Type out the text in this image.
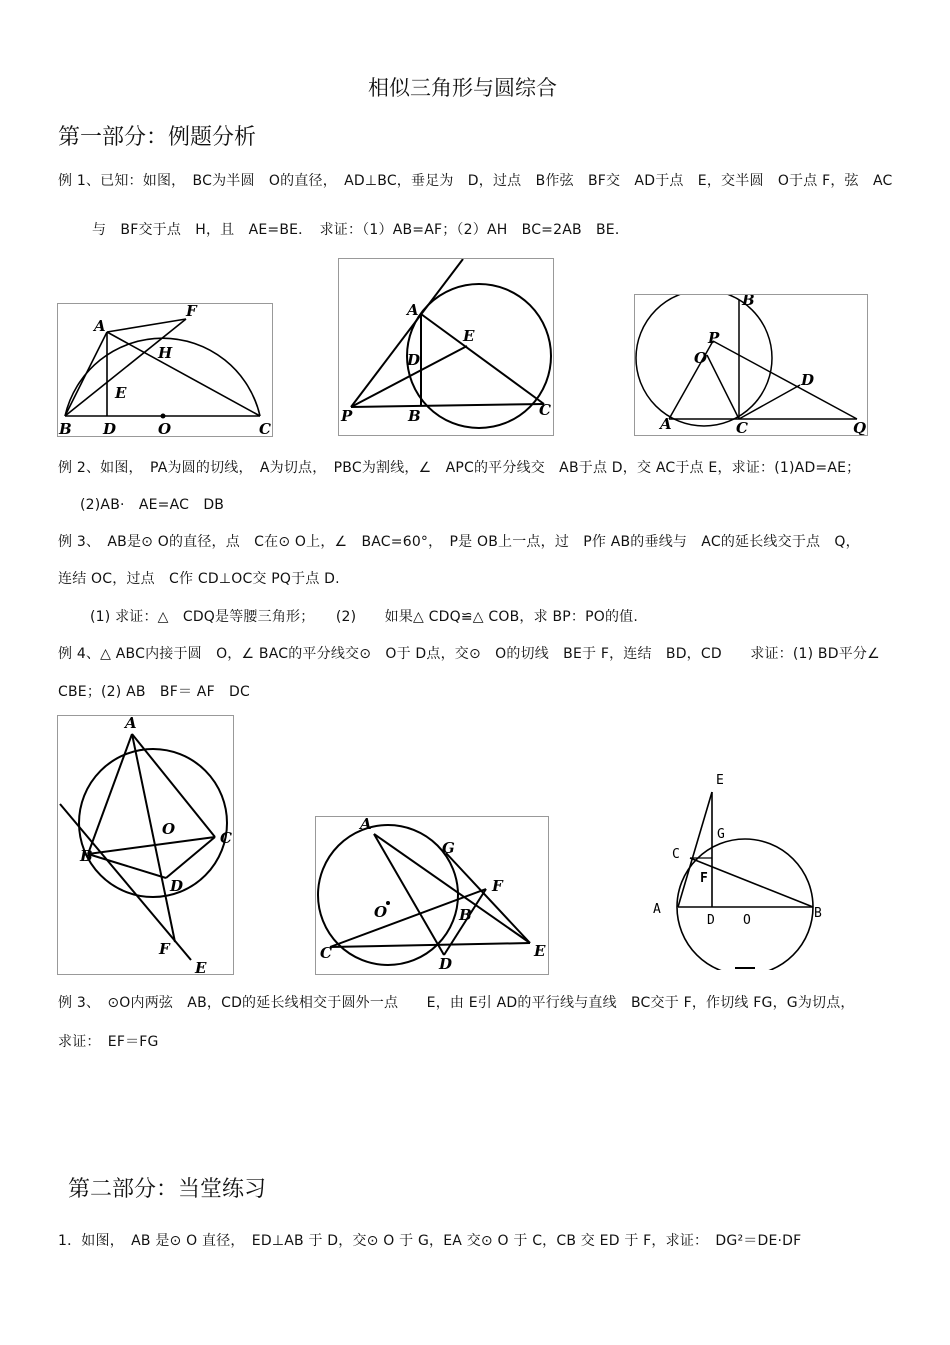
相似三角形与圆综合
第一部分：例题分析
例 1、已知：如图，　BC为半圆　O的直径，　AD⊥BC，垂足为　D，过点　B作弦　BF交　AD于点　E，交半圆　O于点 F，弦　AC
与　BF交于点　H，且　AE=BE．　求证：（1）AB=AF；（2）AH　BC=2AB　BE．
A
F
H
E
B D	O	C
A
E
D
P	B	C
B
P
O
D
A	C	Q
例 2、如图，　PA为圆的切线，　A为切点，　PBC为割线，∠　APC的平分线交　AB于点 D，交 AC于点 E，求证：(1)AD=AE；
(2)AB·　AE=AC　DB
例 3、　AB是⊙ O的直径，点　C在⊙ O上，∠　BAC=60°，　P是 OB上一点，过　P作 AB的垂线与　AC的延长线交于点　Q，
连结 OC，过点　C作 CD⊥OC交 PQ于点 D.
(1) 求证：△　CDQ是等腰三角形；　　(2)　　如果△ CDQ≌△ COB，求 BP：PO的值.
例 4、△ ABC内接于圆　O，∠ BAC的平分线交⊙　O于 D点，交⊙　O的切线　BE于 F，连结　BD，CD　　求证：(1) BD平分∠
CBE；(2) AB　BF＝ AF　DC
A
O
B
C
D
F
E
A
G
F
O	B
C
D
E
E
G
C
F
A
D O	B
例 3、　⊙O内两弦　AB，CD的延长线相交于圆外一点　　E，由 E引 AD的平行线与直线　BC交于 F，作切线 FG，G为切点，
求证：　EF＝FG
第二部分：当堂练习
1．如图，　AB 是⊙ O 直径，　ED⊥AB 于 D，交⊙ O 于 G，EA 交⊙ O 于 C，CB 交 ED 于 F，求证：　DG²＝DE·DF
